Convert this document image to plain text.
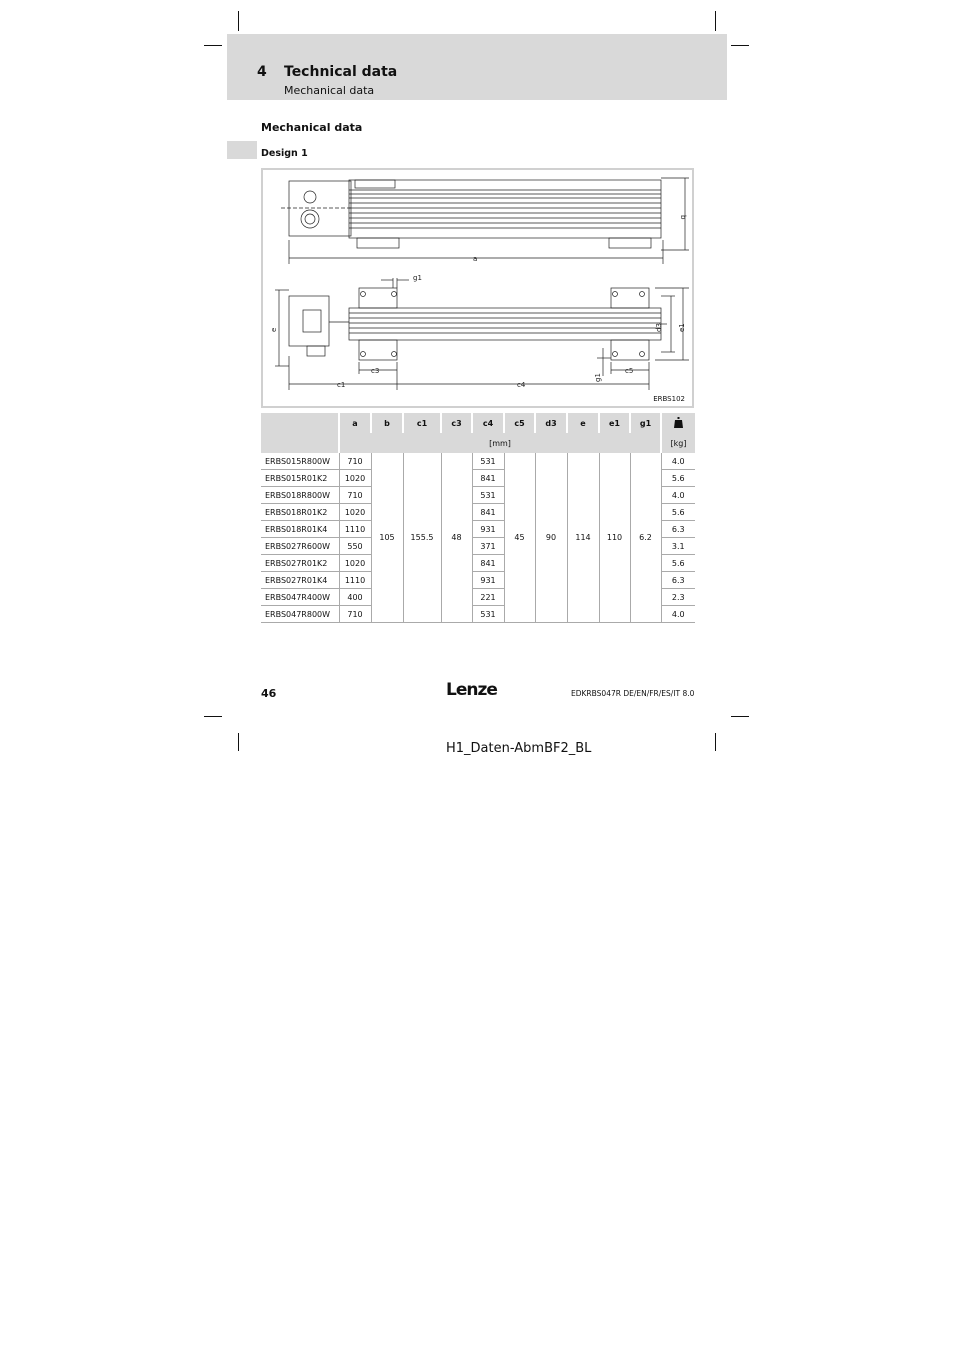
4 Technical data
Mechanical data
Mechanical data
Design 1
a
b
g1
e	d3 e1
c3	c5
c1	c4
g1
ERBS102
	a	b	c1	c3	c4	c5	d3	e	e1	g1	
	[mm]										[kg]
ERBS015R800W	710	105	155.5	48	531	45	90	114	110	6.2	4.0
ERBS015R01K2	1020				841						5.6
ERBS018R800W	710				531						4.0
ERBS018R01K2	1020				841						5.6
ERBS018R01K4	1110				931						6.3
ERBS027R600W	550				371						3.1
ERBS027R01K2	1020				841						5.6
ERBS027R01K4	1110				931						6.3
ERBS047R400W	400				221						2.3
ERBS047R800W	710				531						4.0
46	Lenze	EDKRBS047R DE/EN/FR/ES/IT 8.0
H1_Daten-AbmBF2_BL
